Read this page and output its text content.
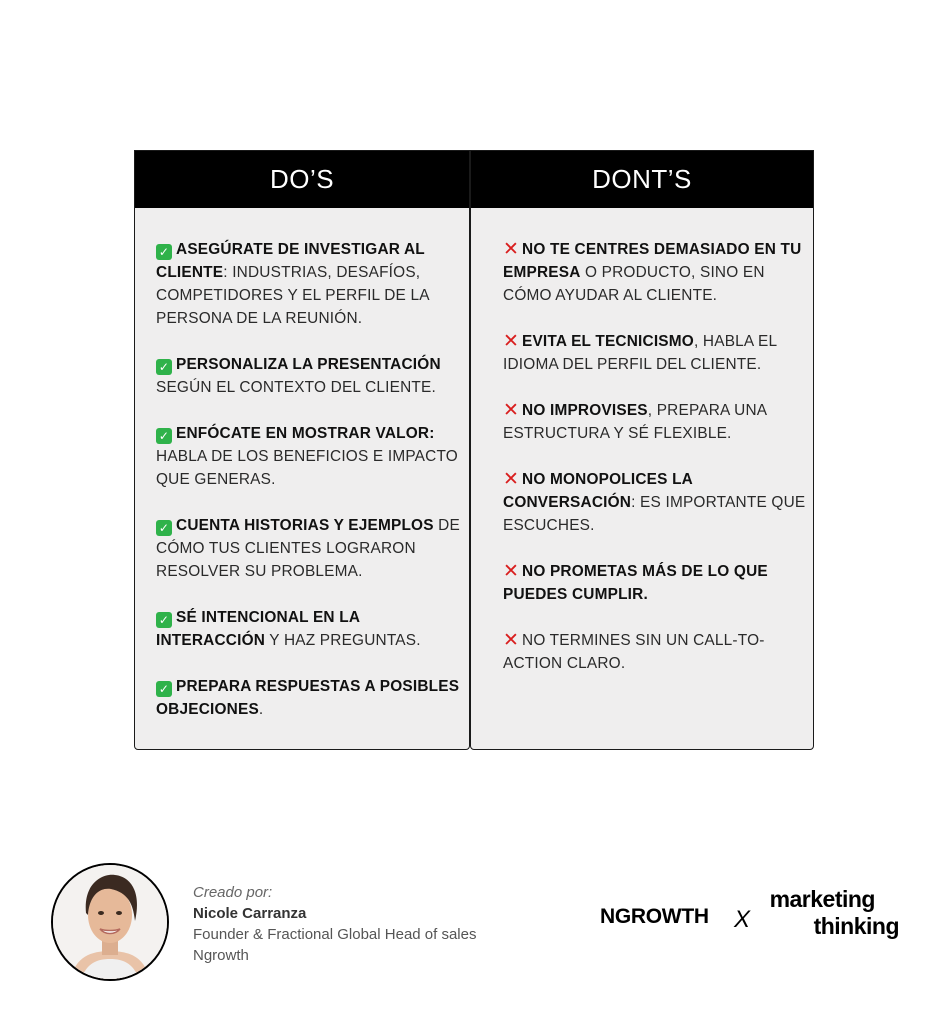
DO’S
✓ ASEGÚRATE DE INVESTIGAR AL CLIENTE: INDUSTRIAS, DESAFÍOS, COMPETIDORES Y EL PERFIL DE LA PERSONA DE LA REUNIÓN.
✓ PERSONALIZA LA PRESENTACIÓN SEGÚN EL CONTEXTO DEL CLIENTE.
✓ ENFÓCATE EN MOSTRAR VALOR: HABLA DE LOS BENEFICIOS E IMPACTO QUE GENERAS.
✓ CUENTA HISTORIAS Y EJEMPLOS DE CÓMO TUS CLIENTES LOGRARON RESOLVER SU PROBLEMA.
✓ SÉ INTENCIONAL EN LA INTERACCIÓN Y HAZ PREGUNTAS.
✓ PREPARA RESPUESTAS A POSIBLES OBJECIONES.
DONT’S
✕ NO TE CENTRES DEMASIADO EN TU EMPRESA O PRODUCTO, SINO EN CÓMO AYUDAR AL CLIENTE.
✕ EVITA EL TECNICISMO, HABLA EL IDIOMA DEL PERFIL DEL CLIENTE.
✕ NO IMPROVISES, PREPARA UNA ESTRUCTURA Y SÉ FLEXIBLE.
✕ NO MONOPOLICES LA CONVERSACIÓN: ES IMPORTANTE QUE ESCUCHES.
✕ NO PROMETAS MÁS DE LO QUE PUEDES CUMPLIR.
✕ NO TERMINES SIN UN CALL-TO-ACTION CLARO.
Creado por:
Nicole Carranza
Founder & Fractional Global Head of sales
Ngrowth
NGROWTH X
marketing
thinking
